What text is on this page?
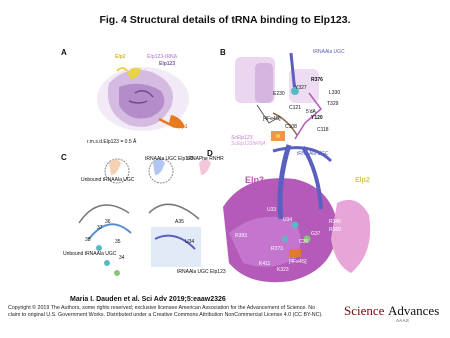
Fig. 4 Structural details of tRNA binding to Elp123.
A	B
C	D
Elp2	Elp123-tRNA
Elp123
Elp1
r.m.s.d.Elp123 = 0.5 Å
tRNAAla UGC
R376
Y327
E230
C121
L330
5′dA
T329
[4Fe4S]	Y120
C108	C118
ScElp123
ScElp123/tRNA
Unbound tRNAAla UGC
tRNAAla UGC Elp123
tRNAPhe RNHR
36
37
38	35
34
A35
U34
Unbound tRNAAla UGC
tRNAAla UGC Elp123
tRNAAla UGC
Elp3	Elp2
R345
R160
R393
R373
K411
K323
[4Fe4S]
U34
G37
C36
U33
Maria I. Dauden et al. Sci Adv 2019;5:eaaw2326
Copyright © 2019 The Authors, some rights reserved; exclusive licensee American Association for the Advancement of Science. No claim to original U.S. Government Works. Distributed under a Creative Commons Attribution NonCommercial License 4.0 (CC BY-NC).	Science Advances
AAAS
